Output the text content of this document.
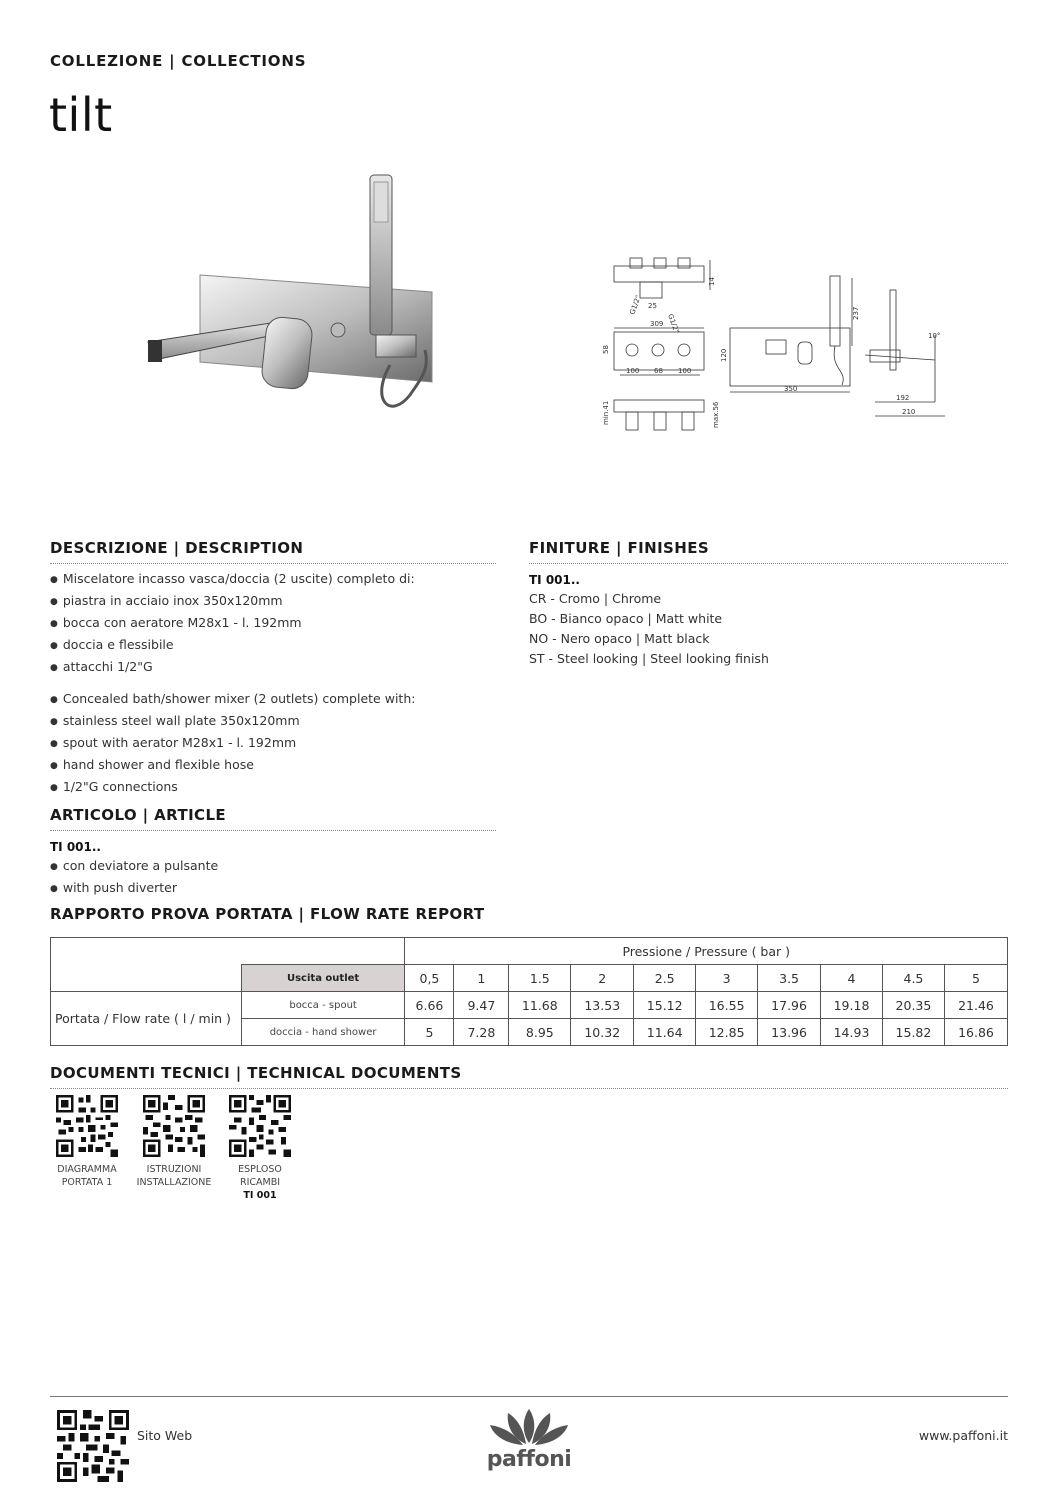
COLLEZIONE | COLLECTIONS
tilt
G1/2"
G1/2"
25
14
309
58
100 68 100
120
350
237
10°
192
210
min.41	max.56
DESCRIZIONE | DESCRIPTION
● Miscelatore incasso vasca/doccia (2 uscite) completo di:
● piastra in acciaio inox 350x120mm
● bocca con aeratore M28x1 - l. 192mm
● doccia e flessibile
● attacchi 1/2"G
● Concealed bath/shower mixer (2 outlets) complete with:
● stainless steel wall plate 350x120mm
● spout with aerator M28x1 - l. 192mm
● hand shower and flexible hose
● 1/2"G connections
FINITURE | FINISHES
TI 001..
CR - Cromo | Chrome
BO - Bianco opaco | Matt white
NO - Nero opaco | Matt black
ST - Steel looking | Steel looking finish
ARTICOLO | ARTICLE
TI 001..
● con deviatore a pulsante
● with push diverter
RAPPORTO PROVA PORTATA | FLOW RATE REPORT
		Pressione / Pressure ( bar )									
	Uscita outlet	0,5	1	1.5	2	2.5	3	3.5	4	4.5	5
Portata / Flow rate ( l / min )	bocca - spout	6.66	9.47	11.68	13.53	15.12	16.55	17.96	19.18	20.35	21.46
	doccia - hand shower	5	7.28	8.95	10.32	11.64	12.85	13.96	14.93	15.82	16.86
DOCUMENTI TECNICI | TECHNICAL DOCUMENTS
DIAGRAMMA
PORTATA 1
ISTRUZIONI
INSTALLAZIONE
ESPLOSO
RICAMBI
TI 001
Sito Web
paffoni
www.paffoni.it
